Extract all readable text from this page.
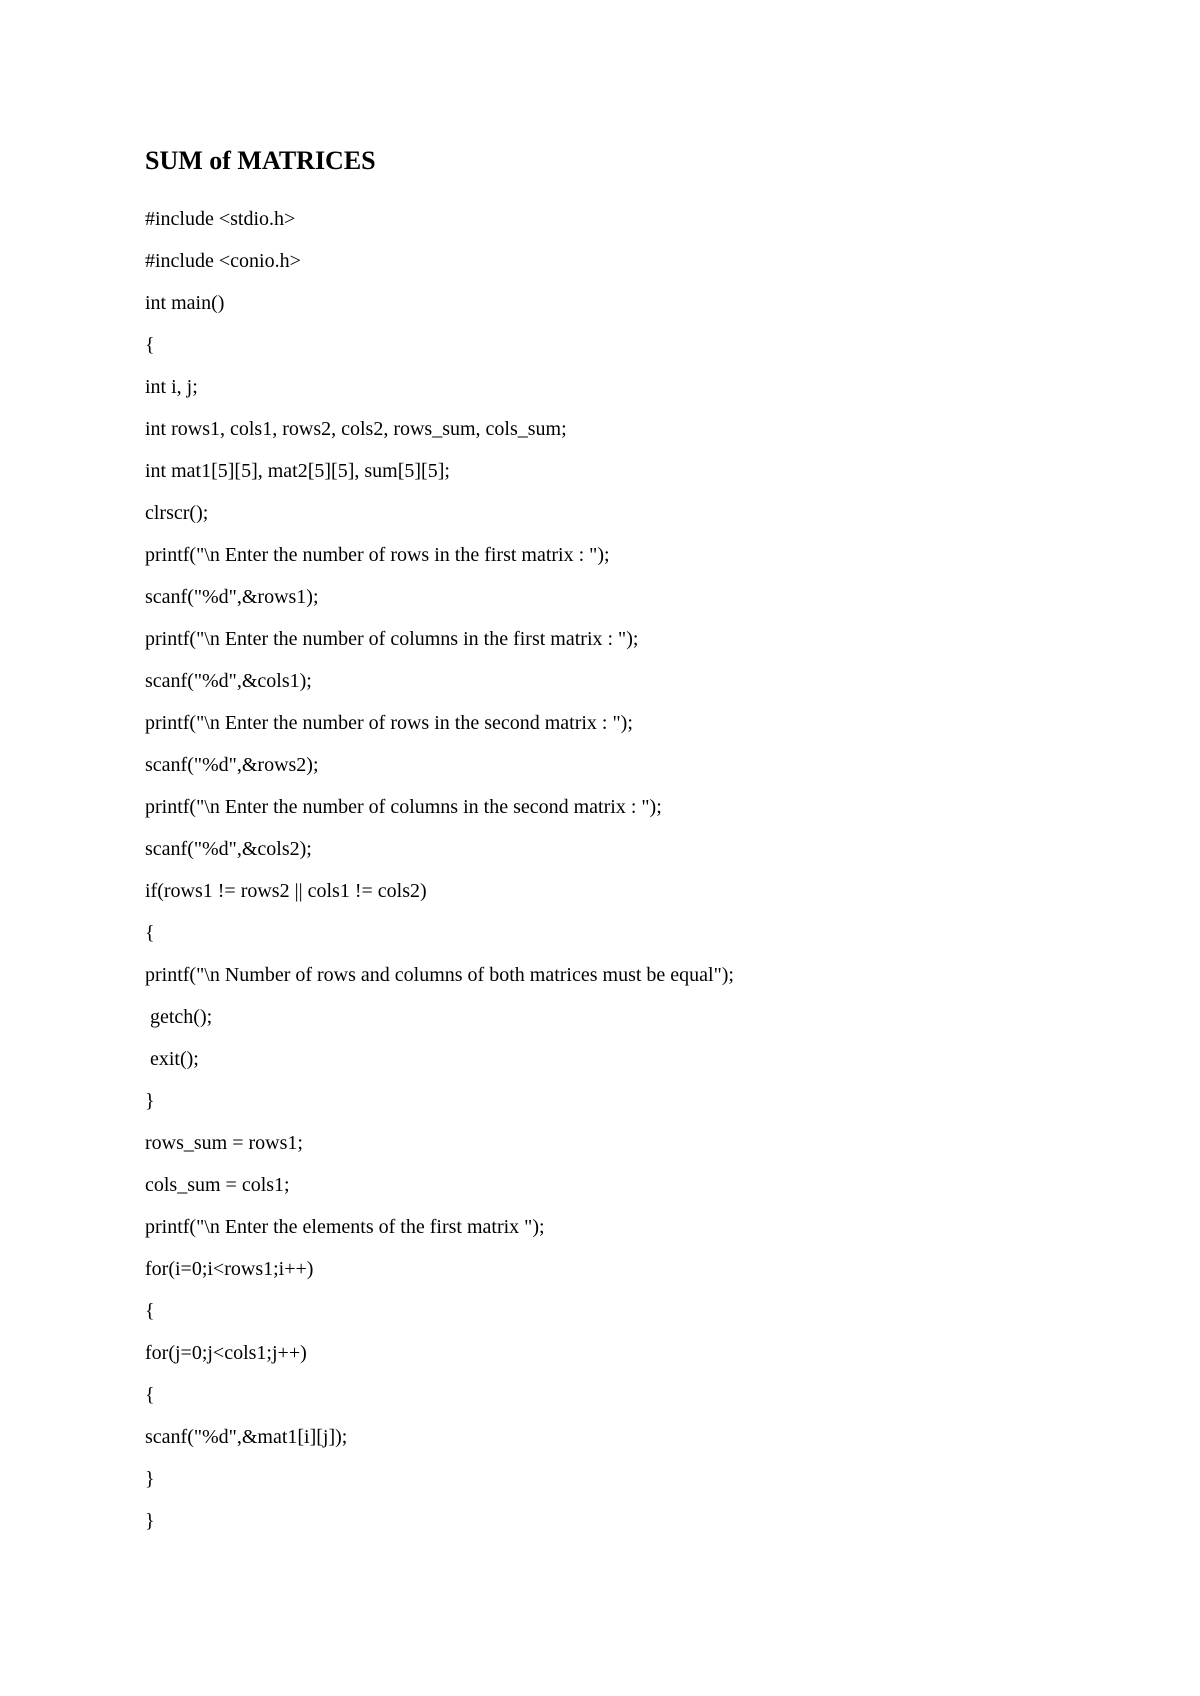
SUM of MATRICES
#include <stdio.h>
#include <conio.h>
int main()
{
int i, j;
int rows1, cols1, rows2, cols2, rows_sum, cols_sum;
int mat1[5][5], mat2[5][5], sum[5][5];
clrscr();
printf("\n Enter the number of rows in the first matrix : ");
scanf("%d",&rows1);
printf("\n Enter the number of columns in the first matrix : ");
scanf("%d",&cols1);
printf("\n Enter the number of rows in the second matrix : ");
scanf("%d",&rows2);
printf("\n Enter the number of columns in the second matrix : ");
scanf("%d",&cols2);
if(rows1 != rows2 || cols1 != cols2)
{
printf("\n Number of rows and columns of both matrices must be equal");
getch();
exit();
}
rows_sum = rows1;
cols_sum = cols1;
printf("\n Enter the elements of the first matrix ");
for(i=0;i<rows1;i++)
{
for(j=0;j<cols1;j++)
{
scanf("%d",&mat1[i][j]);
}
}
